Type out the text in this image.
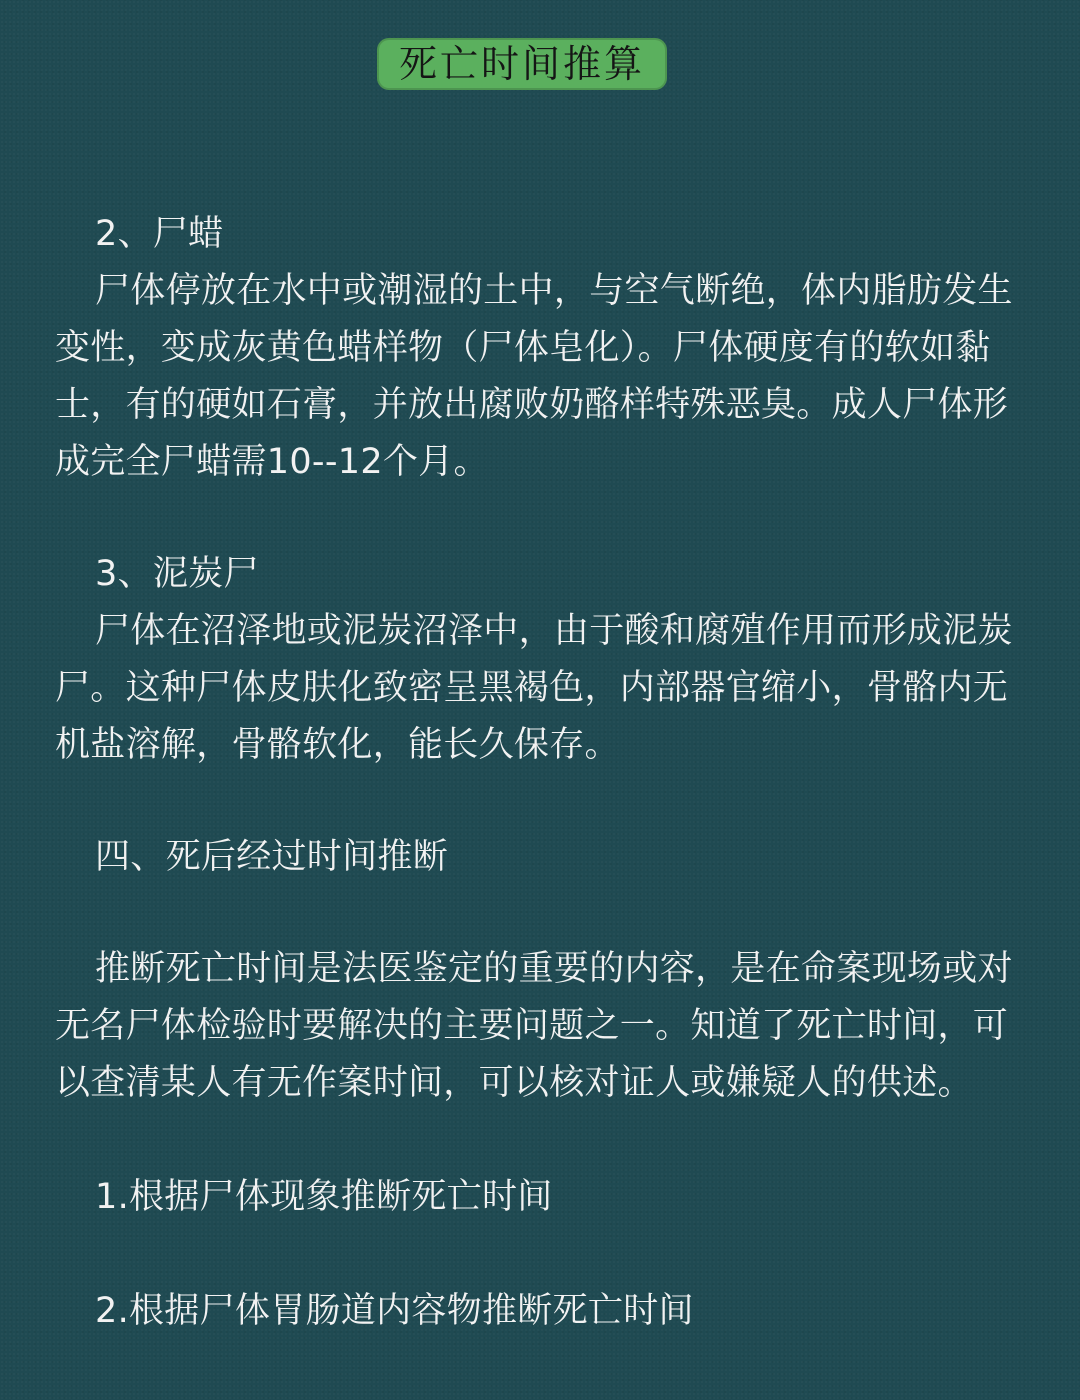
死亡时间推算

2、尸蜡

尸体停放在水中或潮湿的土中，与空气断绝，体内脂肪发生变性，变成灰黄色蜡样物（尸体皂化）。尸体硬度有的软如黏士，有的硬如石膏，并放出腐败奶酪样特殊恶臭。成人尸体形成完全尸蜡需10--12个月。

3、泥炭尸

尸体在沼泽地或泥炭沼泽中，由于酸和腐殖作用而形成泥炭尸。这种尸体皮肤化致密呈黑褐色，内部器官缩小，骨骼内无机盐溶解，骨骼软化，能长久保存。

四、死后经过时间推断

推断死亡时间是法医鉴定的重要的内容，是在命案现场或对无名尸体检验时要解决的主要问题之一。知道了死亡时间，可以查清某人有无作案时间，可以核对证人或嫌疑人的供述。

1.根据尸体现象推断死亡时间

2.根据尸体胃肠道内容物推断死亡时间
